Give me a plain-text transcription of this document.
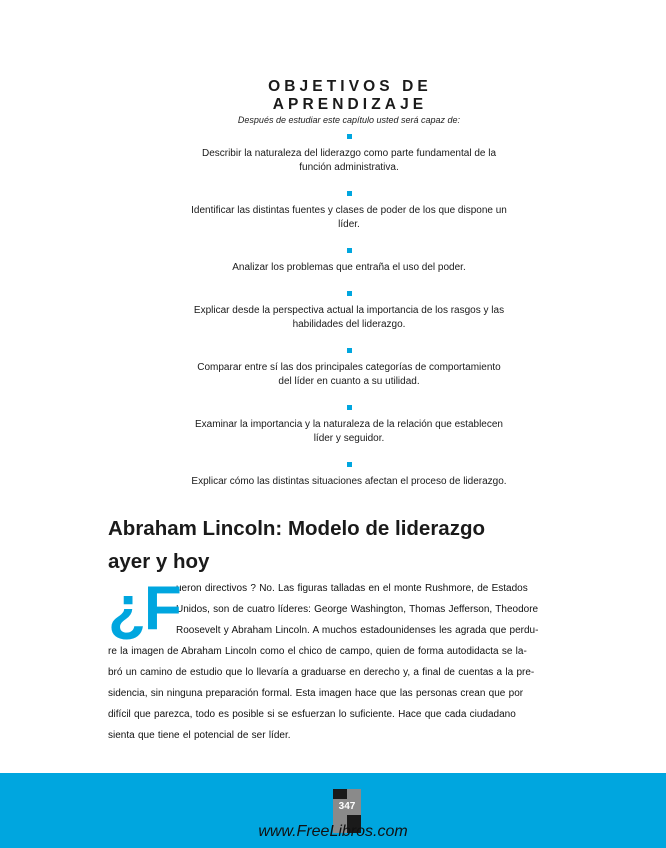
OBJETIVOS DE APRENDIZAJE

Después de estudiar este capítulo usted será capaz de:

Describir la naturaleza del liderazgo como parte fundamental de la función administrativa.

Identificar las distintas fuentes y clases de poder de los que dispone un líder.

Analizar los problemas que entraña el uso del poder.

Explicar desde la perspectiva actual la importancia de los rasgos y las habilidades del liderazgo.

Comparar entre sí las dos principales categorías de comportamiento del líder en cuanto a su utilidad.

Examinar la importancia y la naturaleza de la relación que establecen líder y seguidor.

Explicar cómo las distintas situaciones afectan el proceso de liderazgo.

Abraham Lincoln: Modelo de liderazgo
ayer y hoy
¿F

ueron directivos ? No. Las figuras talladas en el monte Rushmore, de Estados
Unidos, son de cuatro líderes: George Washington, Thomas Jefferson, Theodore
Roosevelt y Abraham Lincoln. A muchos estadounidenses les agrada que perdu-
re la imagen de Abraham Lincoln como el chico de campo, quien de forma autodidacta se la-
bró un camino de estudio que lo llevaría a graduarse en derecho y, a final de cuentas a la pre-
sidencia, sin ninguna preparación formal. Esta imagen hace que las personas crean que por
difícil que parezca, todo es posible si se esfuerzan lo suficiente. Hace que cada ciudadano
sienta que tiene el potencial de ser líder.

347

www.FreeLibros.com
